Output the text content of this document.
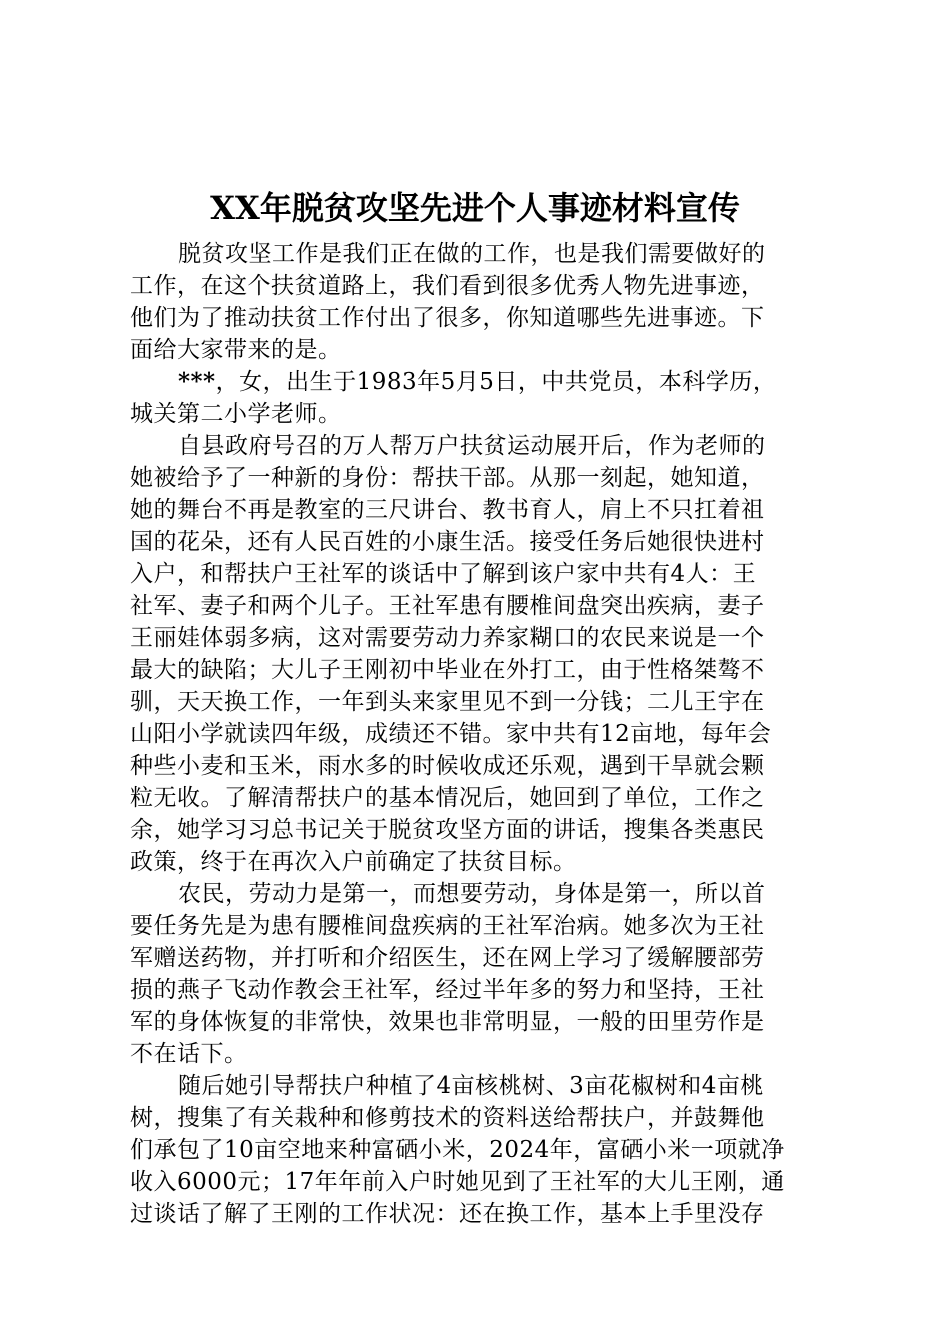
XX年脱贫攻坚先进个人事迹材料宣传
脱贫攻坚工作是我们正在做的工作，也是我们需要做好的
工作，在这个扶贫道路上，我们看到很多优秀人物先进事迹，
他们为了推动扶贫工作付出了很多，你知道哪些先进事迹。下
面给大家带来的是。
***，女，出生于1983年5月5日，中共党员，本科学历，
城关第二小学老师。
自县政府号召的万人帮万户扶贫运动展开后，作为老师的
她被给予了一种新的身份：帮扶干部。从那一刻起，她知道，
她的舞台不再是教室的三尺讲台、教书育人，肩上不只扛着祖
国的花朵，还有人民百姓的小康生活。接受任务后她很快进村
入户，和帮扶户王社军的谈话中了解到该户家中共有4人：王
社军、妻子和两个儿子。王社军患有腰椎间盘突出疾病，妻子
王丽娃体弱多病，这对需要劳动力养家糊口的农民来说是一个
最大的缺陷；大儿子王刚初中毕业在外打工，由于性格桀骜不
驯，天天换工作，一年到头来家里见不到一分钱；二儿王宇在
山阳小学就读四年级，成绩还不错。家中共有12亩地，每年会
种些小麦和玉米，雨水多的时候收成还乐观，遇到干旱就会颗
粒无收。了解清帮扶户的基本情况后，她回到了单位，工作之
余，她学习习总书记关于脱贫攻坚方面的讲话，搜集各类惠民
政策，终于在再次入户前确定了扶贫目标。
农民，劳动力是第一，而想要劳动，身体是第一，所以首
要任务先是为患有腰椎间盘疾病的王社军治病。她多次为王社
军赠送药物，并打听和介绍医生，还在网上学习了缓解腰部劳
损的燕子飞动作教会王社军，经过半年多的努力和坚持，王社
军的身体恢复的非常快，效果也非常明显，一般的田里劳作是
不在话下。
随后她引导帮扶户种植了4亩核桃树、3亩花椒树和4亩桃
树，搜集了有关栽种和修剪技术的资料送给帮扶户，并鼓舞他
们承包了10亩空地来种富硒小米，2024年，富硒小米一项就净
收入6000元；17年年前入户时她见到了王社军的大儿王刚，通
过谈话了解了王刚的工作状况：还在换工作，基本上手里没存
